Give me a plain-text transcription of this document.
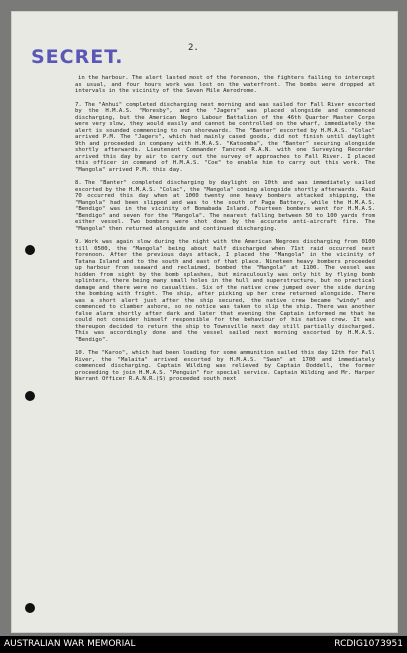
SECRET.	2.

in the harbour. The alert lasted most of the forenoon, the fighters failing to intercept as usual, and four hours work was lost on the waterfront. The bombs were dropped at intervals in the vicinity of the Seven Mile Aerodrome.

7. The "Anhui" completed discharging next morning and was sailed for Fall River escorted by the H.M.A.S. "Moresby", and the "Jagers" was placed alongside and commenced discharging, but the American Negro Labour Battalion of the 46th Quarter Master Corps were very slow, they would easily and cannot be controlled on the wharf, immediately the alert is sounded commencing to run shorewards. The "Banter" escorted by H.M.A.S. "Colac" arrived P.M. The "Jagers", which had mainly cased goods, did not finish until daylight 9th and proceeded in company with H.M.A.S. "Katoomba", the "Banter" securing alongside shortly afterwards. Lieutenant Commander Tancred R.A.N. with one Surveying Recorder arrived this day by air to carry out the survey of approaches to Fall River. I placed this officer in command of H.M.A.S. "Coe" to enable him to carry out this work. The "Mangola" arrived P.M. this day.

8. The "Banter" completed discharging by daylight on 10th and was immediately sailed escorted by the H.M.A.S. "Colac", the "Mangola" coming alongside shortly afterwards. Raid 70 occurred this day when at 1000 twenty one heavy bombers attacked shipping, the "Mangola" had been slipped and was to the south of Paga Battery, while the H.M.A.S. "Bendigo" was in the vicinity of Bomabada Island. Fourteen bombers went for H.M.A.S. "Bendigo" and seven for the "Mangola". The nearest falling between 50 to 100 yards from either vessel. Two bombers were shot down by the accurate anti-aircraft fire. The "Mangola" then returned alongside and continued discharging.

9. Work was again slow during the night with the American Negroes discharging from 0100 till 0500, the "Mangola" being about half discharged when 71st raid occurred next forenoon. After the previous days attack, I placed the "Mangola" in the vicinity of Tatana Island and to the south and east of that place. Nineteen heavy bombers proceeded up harbour from seaward and reclaimed, bombed the "Mangola" at 1100. The vessel was hidden from sight by the bomb splashes, but miraculously was only hit by flying bomb splinters, there being many small holes in the hull and superstructure, but no practical damage and there were no casualties. Six of the native crew jumped over the side during the bombing with fright. The ship, after picking up her crew returned alongside. There was a short alert just after the ship secured, the native crew became "windy" and commenced to clamber ashore, so no notice was taken to slip the ship. There was another false alarm shortly after dark and later that evening the Captain informed me that he could not consider himself responsible for the behaviour of his native crew. It was thereupon decided to return the ship to Townsville next day still partially discharged. This was accordingly done and the vessel sailed next morning escorted by H.M.A.S. "Bendigo".

10. The "Karoo", which had been loading for some ammunition sailed this day 12th for Fall River, the "Malaita" arrived escorted by H.M.A.S. "Swan" at 1700 and immediately commenced discharging. Captain Wilding was relieved by Captain Doddell, the former proceeding to join H.M.A.S. "Penguin" for special service. Captain Wilding and Mr. Harper Warrant Officer R.A.N.R.(S) proceeded south next

AUSTRALIAN WAR MEMORIAL	RCDIG1073951
